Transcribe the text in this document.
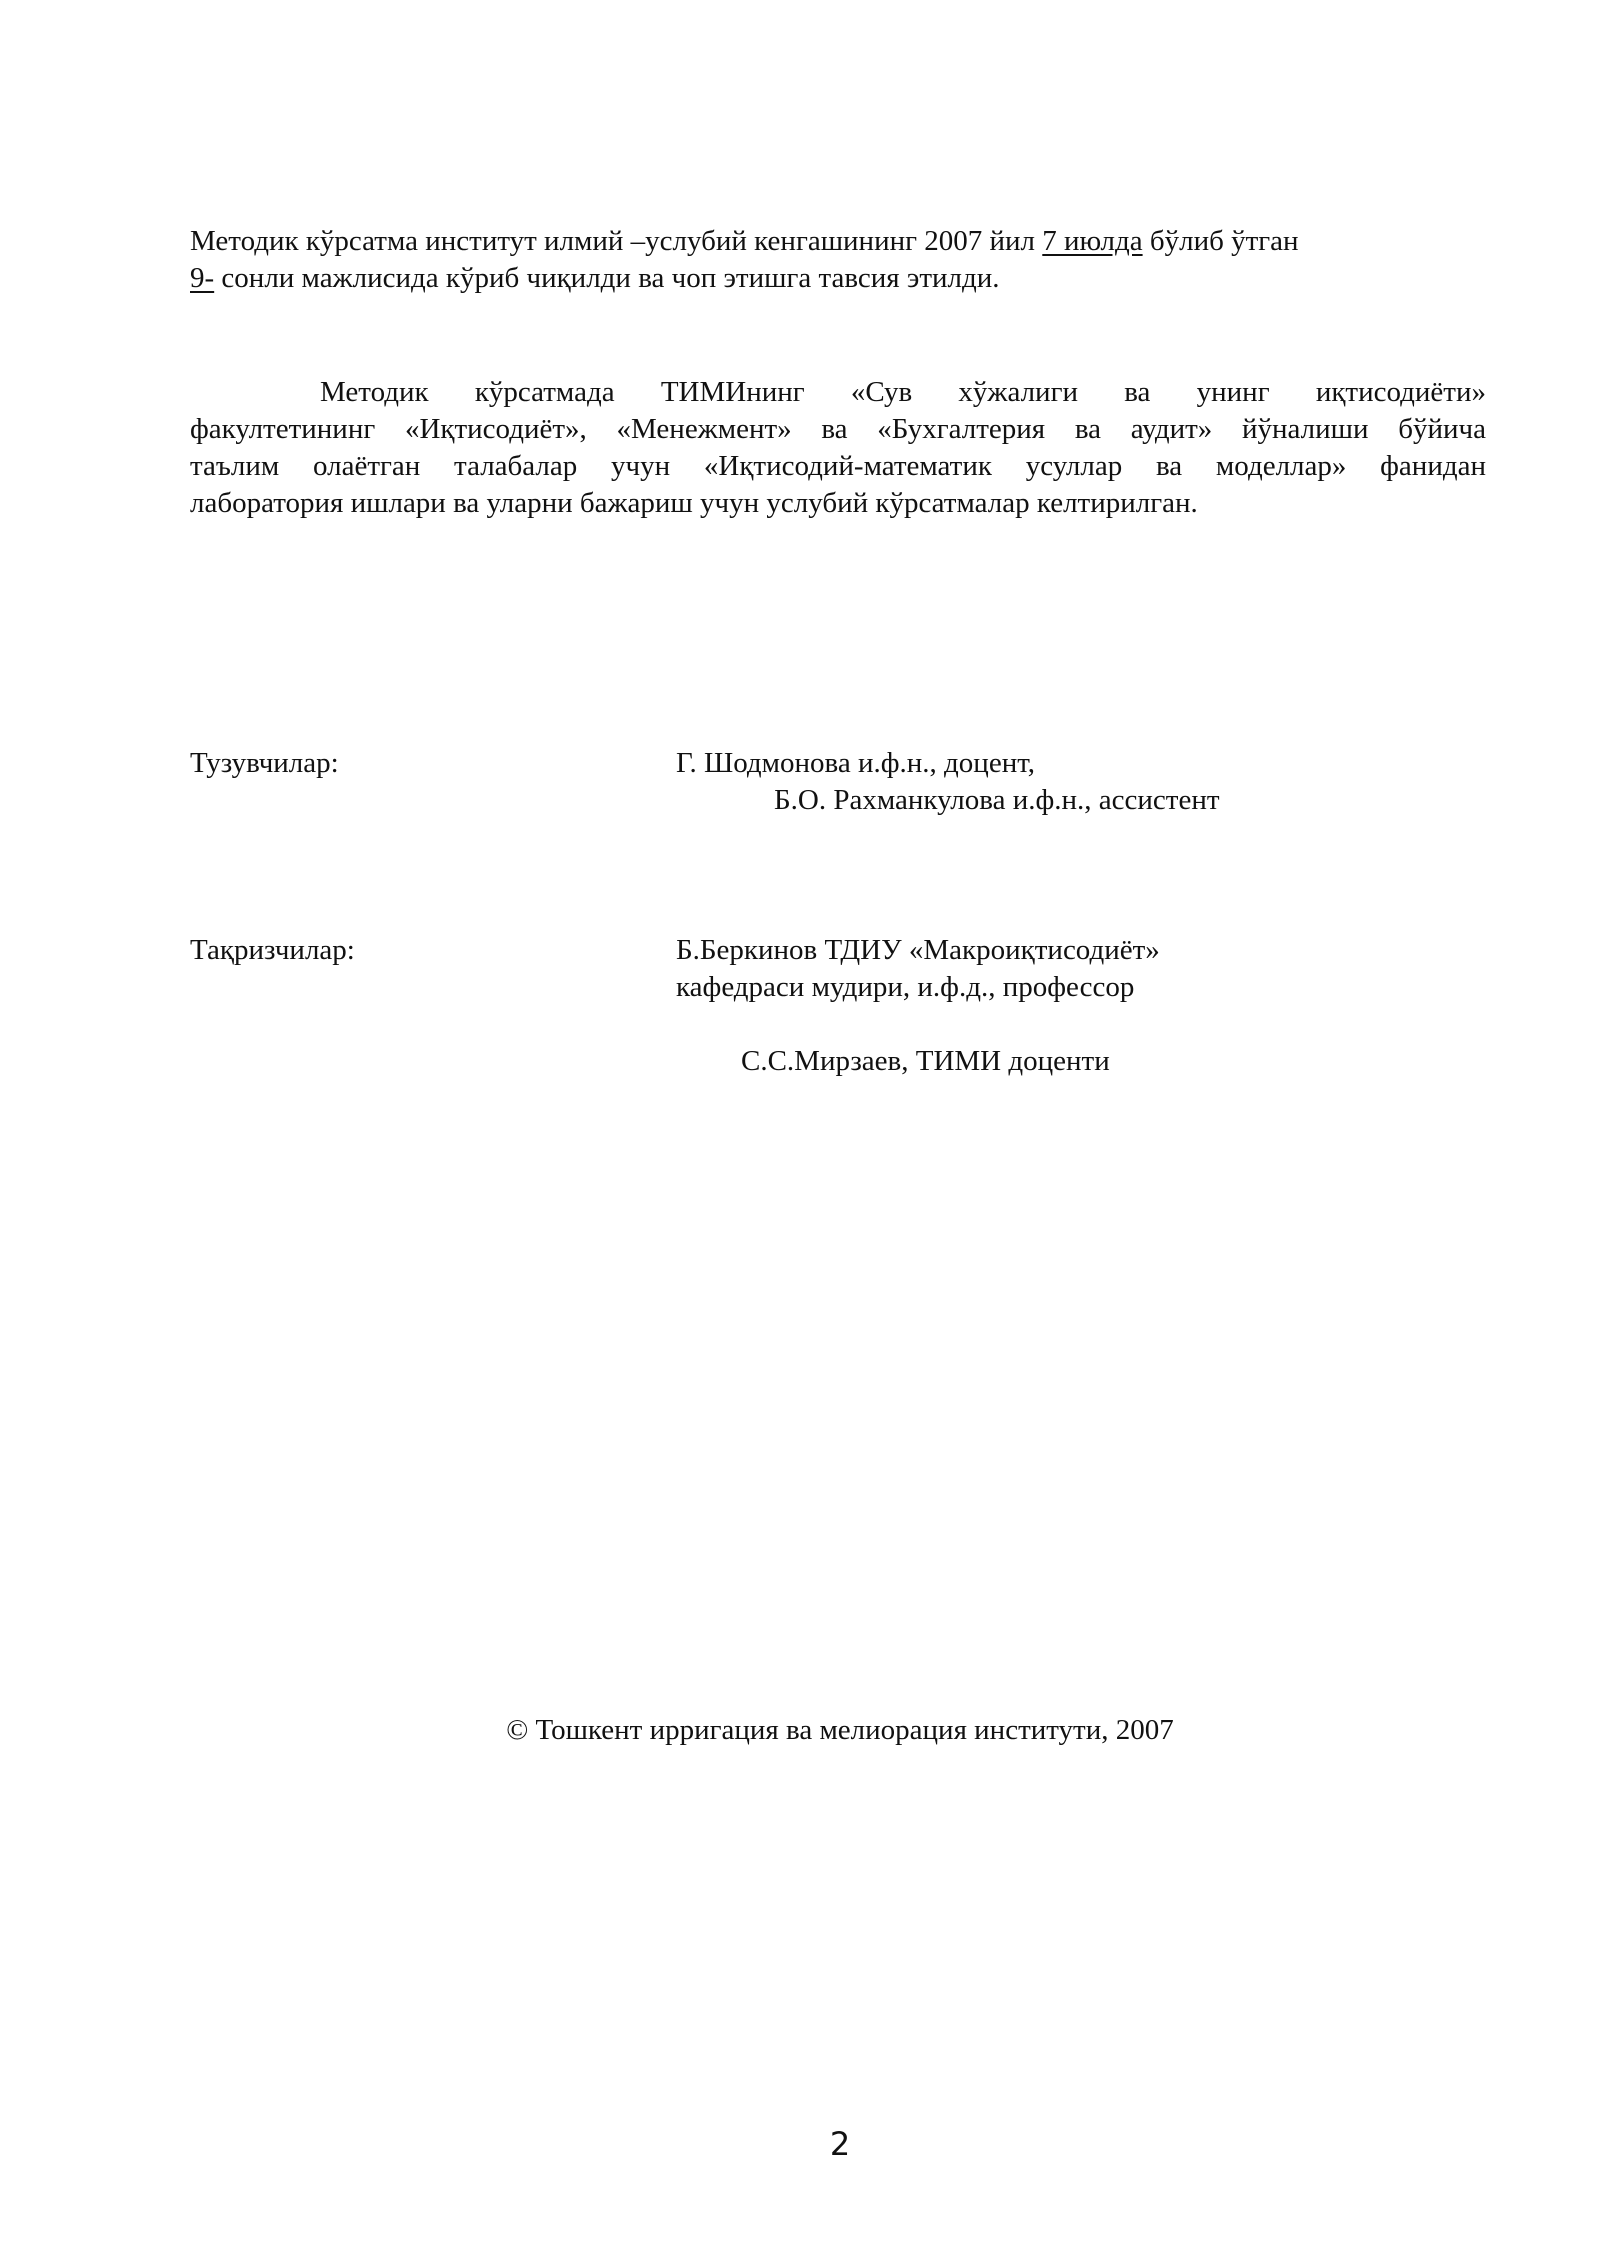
Методик кўрсатма институт илмий –услубий кенгашининг 2007 йил 7 июлда бўлиб ўтган
9- сонли мажлисида кўриб чиқилди ва чоп этишга тавсия этилди.
Методик кўрсатмада ТИМИнинг «Сув хўжалиги ва унинг иқтисодиёти»
факултетининг «Иқтисодиёт», «Менежмент» ва «Бухгалтерия ва аудит» йўналиши бўйича
таълим олаётган талабалар учун «Иқтисодий-математик усуллар ва моделлар» фанидан
лаборатория ишлари ва уларни бажариш учун услубий кўрсатмалар келтирилган.
Тузувчилар:	Г. Шодмонова и.ф.н., доцент,
Б.О. Рахманкулова и.ф.н., ассистент
Тақризчилар:	Б.Беркинов ТДИУ «Макроиқтисодиёт»
кафедраси мудири, и.ф.д., профессор
С.С.Мирзаев, ТИМИ доценти
© Тошкент ирригация ва мелиорация институти, 2007
2
